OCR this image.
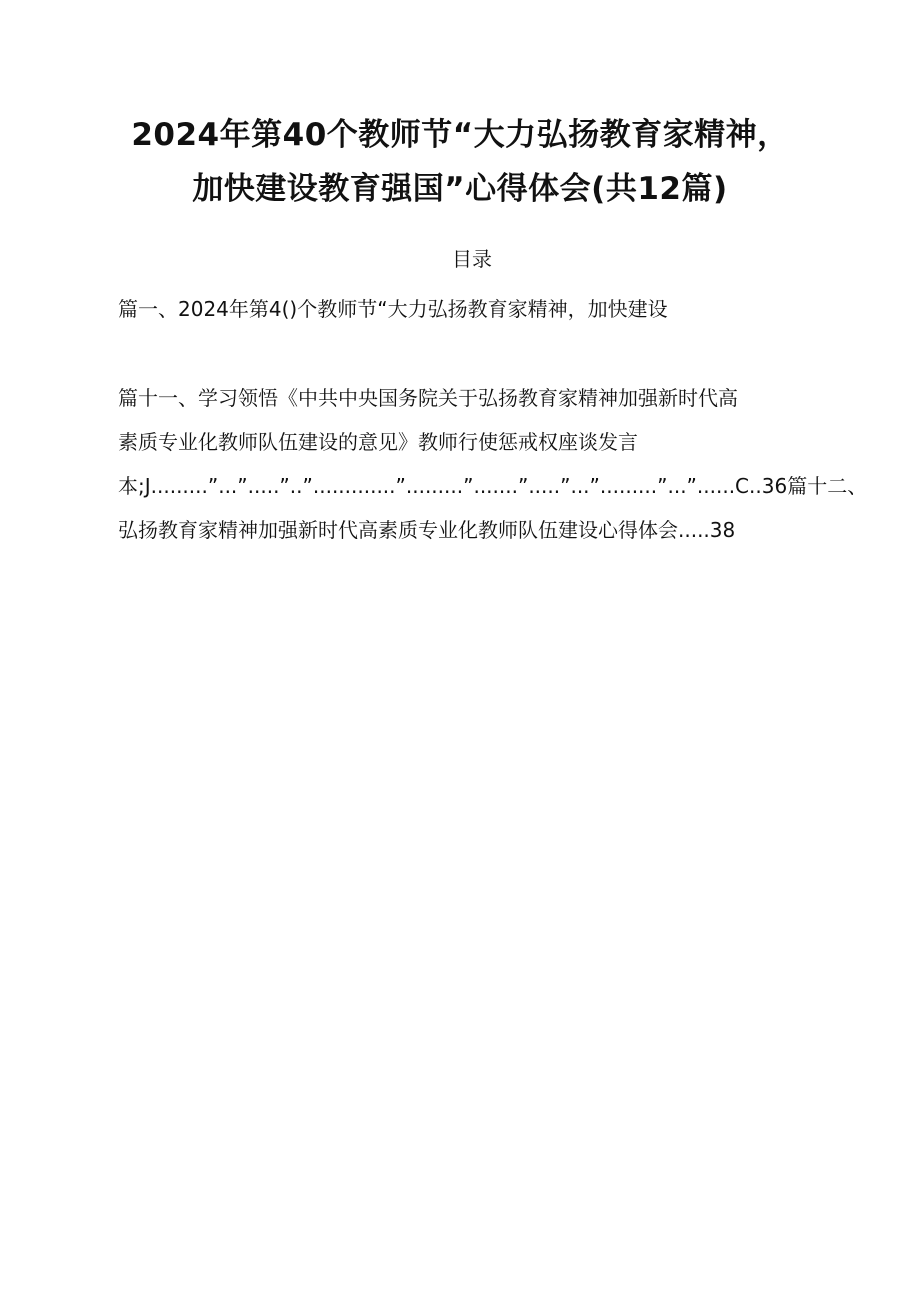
2024年第40个教师节“大力弘扬教育家精神，
加快建设教育强国”心得体会(共12篇)
目录
篇一、2024年第4()个教师节“大力弘扬教育家精神，加快建设
篇十一、学习领悟《中共中央国务院关于弘扬教育家精神加强新时代高
素质专业化教师队伍建设的意见》教师行使惩戒权座谈发言
本;J.........”...”.....”..”.............”.........”.......”.....”...”.........”...”......C..36篇十二、
弘扬教育家精神加强新时代高素质专业化教师队伍建设心得体会.....38
